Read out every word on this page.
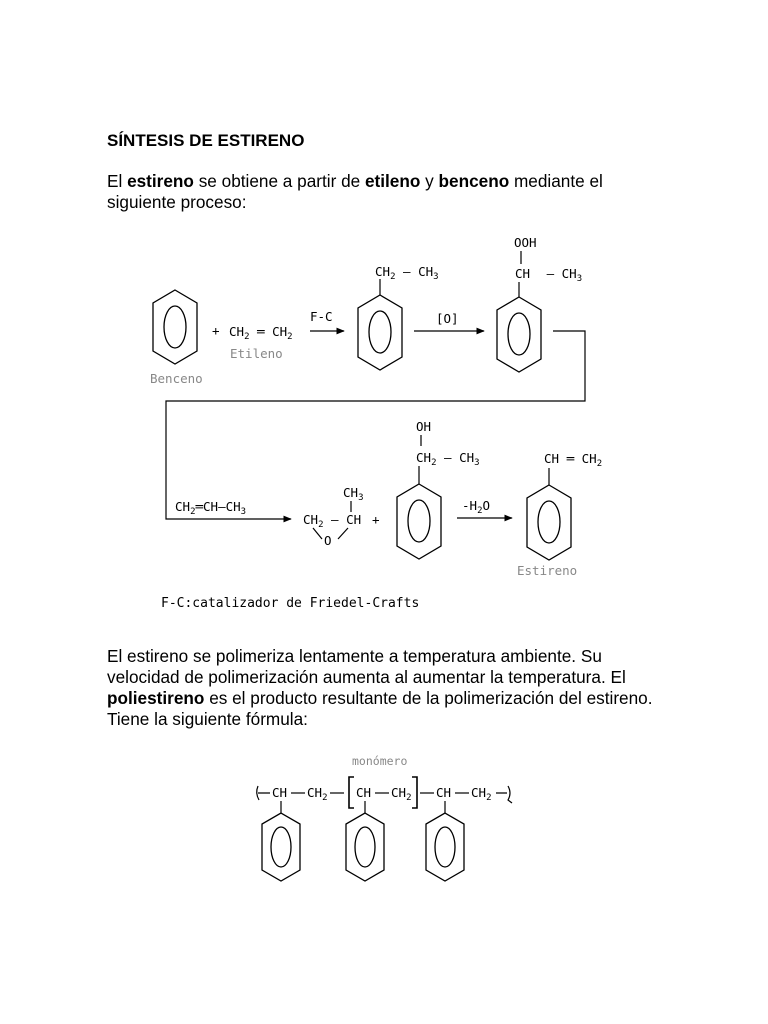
SÍNTESIS DE ESTIRENO

El estireno se obtiene a partir de etileno y benceno mediante el siguiente proceso:

Benceno
+ $CH_2$ ═ $CH_2$
Etileno
F-C
$CH_2$ — $CH_3$
[O]
OOH
CH — $CH_3$
$CH_2═CH—CH_3$
$CH_3$
$CH_2$ — CH
O
+
OH
$CH_2$ — $CH_3$
$-H_2O$
CH ═ $CH_2$
Estireno
F-C:catalizador de Friedel-Crafts
monómero
CH $CH_2$ CH $CH_2$ CH $CH_2$

El estireno se polimeriza lentamente a temperatura ambiente. Su velocidad de polimerización aumenta al aumentar la temperatura. El poliestireno es el producto resultante de la polimerización del estireno. Tiene la siguiente fórmula:
